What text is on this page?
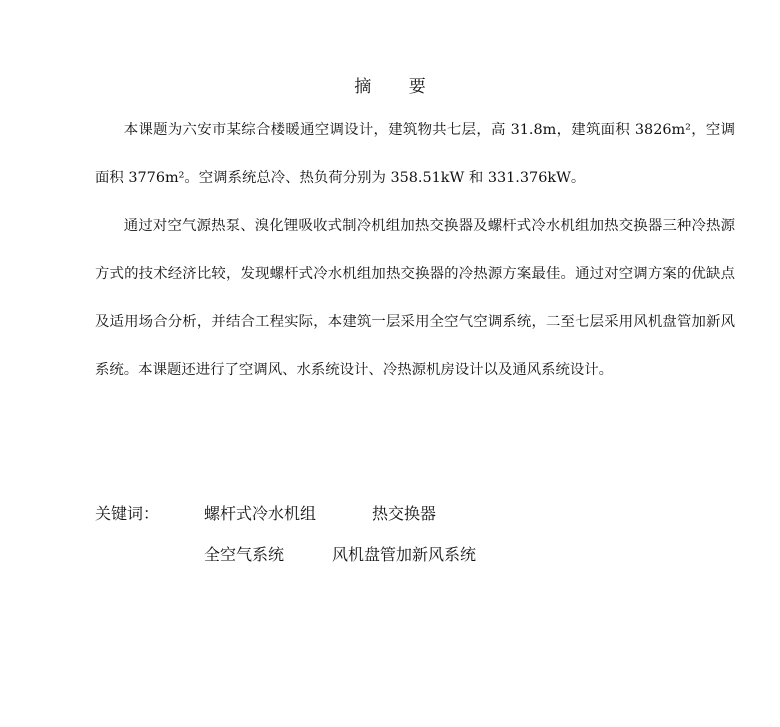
摘 要

本课题为六安市某综合楼暖通空调设计，建筑物共七层，高 31.8m，建筑面积 3826m²，空调面积 3776m²。空调系统总冷、热负荷分别为 358.51kW 和 331.376kW。

通过对空气源热泵、溴化锂吸收式制冷机组加热交换器及螺杆式冷水机组加热交换器三种冷热源方式的技术经济比较，发现螺杆式冷水机组加热交换器的冷热源方案最佳。通过对空调方案的优缺点及适用场合分析，并结合工程实际，本建筑一层采用全空气空调系统，二至七层采用风机盘管加新风系统。本课题还进行了空调风、水系统设计、冷热源机房设计以及通风系统设计。

关键词：	螺杆式冷水机组	热交换器
全空气系统	风机盘管加新风系统
